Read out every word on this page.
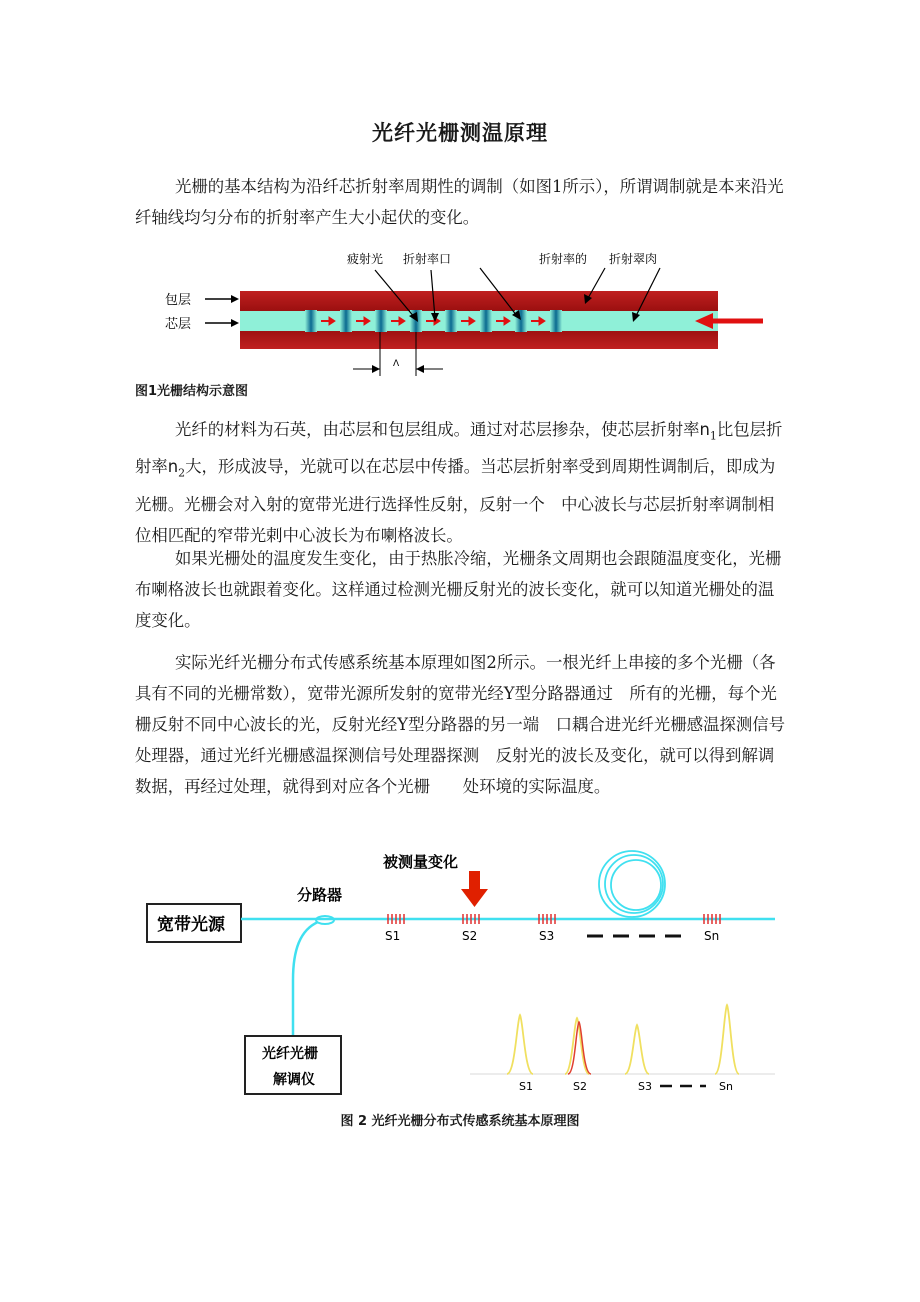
光纤光栅测温原理

光栅的基本结构为沿纤芯折射率周期性的调制（如图1所示），所谓调制就是本来沿光纤轴线均匀分布的折射率产生大小起伏的变化。

疲射光 折射率口	折射率的 折射翠肉
包层
芯层
Λ
图1光栅结构示意图

光纤的材料为石英，由芯层和包层组成。通过对芯层掺杂，使芯层折射率$n_1$比包层折射率$n_2$大，形成波导，光就可以在芯层中传播。当芯层折射率受到周期性调制后，即成为光栅。光栅会对入射的宽带光进行选择性反射，反射一个　中心波长与芯层折射率调制相位相匹配的窄带光剌中心波长为布喇格波长。

如果光栅处的温度发生变化，由于热胀冷缩，光栅条文周期也会跟随温度变化，光栅布喇格波长也就跟着变化。这样通过检测光栅反射光的波长变化，就可以知道光栅处的温度变化。

实际光纤光栅分布式传感系统基本原理如图2所示。一根光纤上串接的多个光栅（各具有不同的光栅常数），宽带光源所发射的宽带光经Y型分路器通过　所有的光栅，每个光栅反射不同中心波长的光，反射光经Y型分路器的另一端　口耦合进光纤光栅感温探测信号处理器，通过光纤光栅感温探测信号处理器探测　反射光的波长及变化，就可以得到解调数据，再经过处理，就得到对应各个光栅　　处环境的实际温度。

宽带光源
分路器
S1	S2	S3	Sn
被测量变化
光纤光栅
解调仪	S1	S2	S3	Sn
图 2 光纤光栅分布式传感系统基本原理图
